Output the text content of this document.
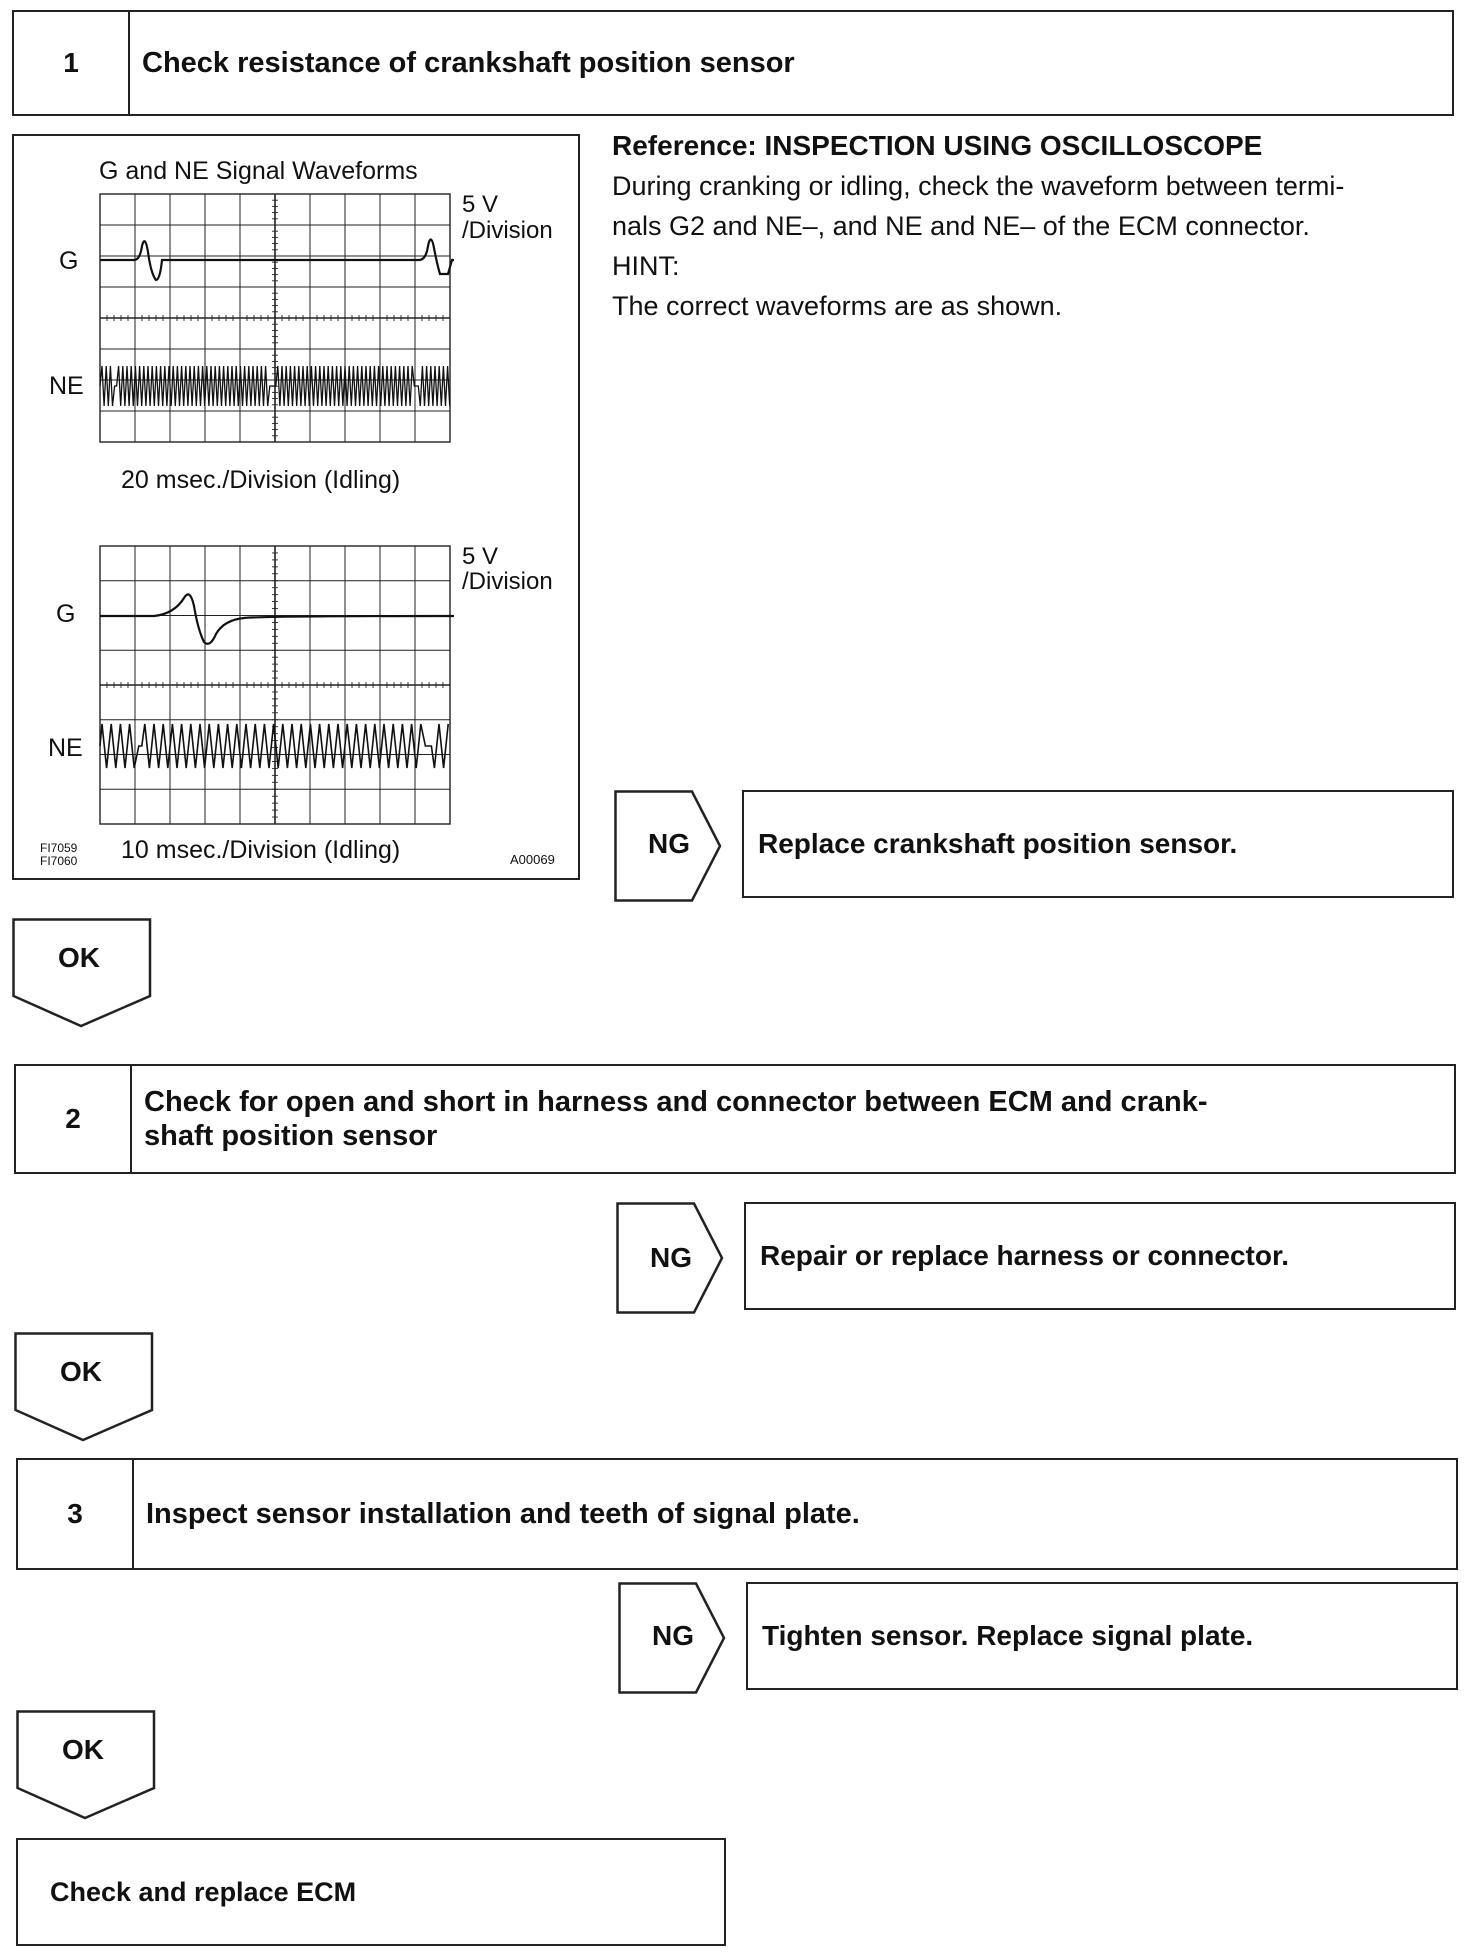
1	Check resistance of crankshaft position sensor
G and NE Signal Waveforms
5 V
/Division
G
NE
20 msec./Division (Idling)
5 V
/Division
G
NE
10 msec./Division (Idling)
FI7059
FI7060	A00069
Reference: INSPECTION USING OSCILLOSCOPE
During cranking or idling, check the waveform between termi-
nals G2 and NE–, and NE and NE– of the ECM connector.
HINT:
The correct waveforms are as shown.
NG	Replace crankshaft position sensor.
OK
2
Check for open and short in harness and connector between ECM and crank-
shaft position sensor
NG	Repair or replace harness or connector.
OK
3	Inspect sensor installation and teeth of signal plate.
NG	Tighten sensor. Replace signal plate.
OK
Check and replace ECM
